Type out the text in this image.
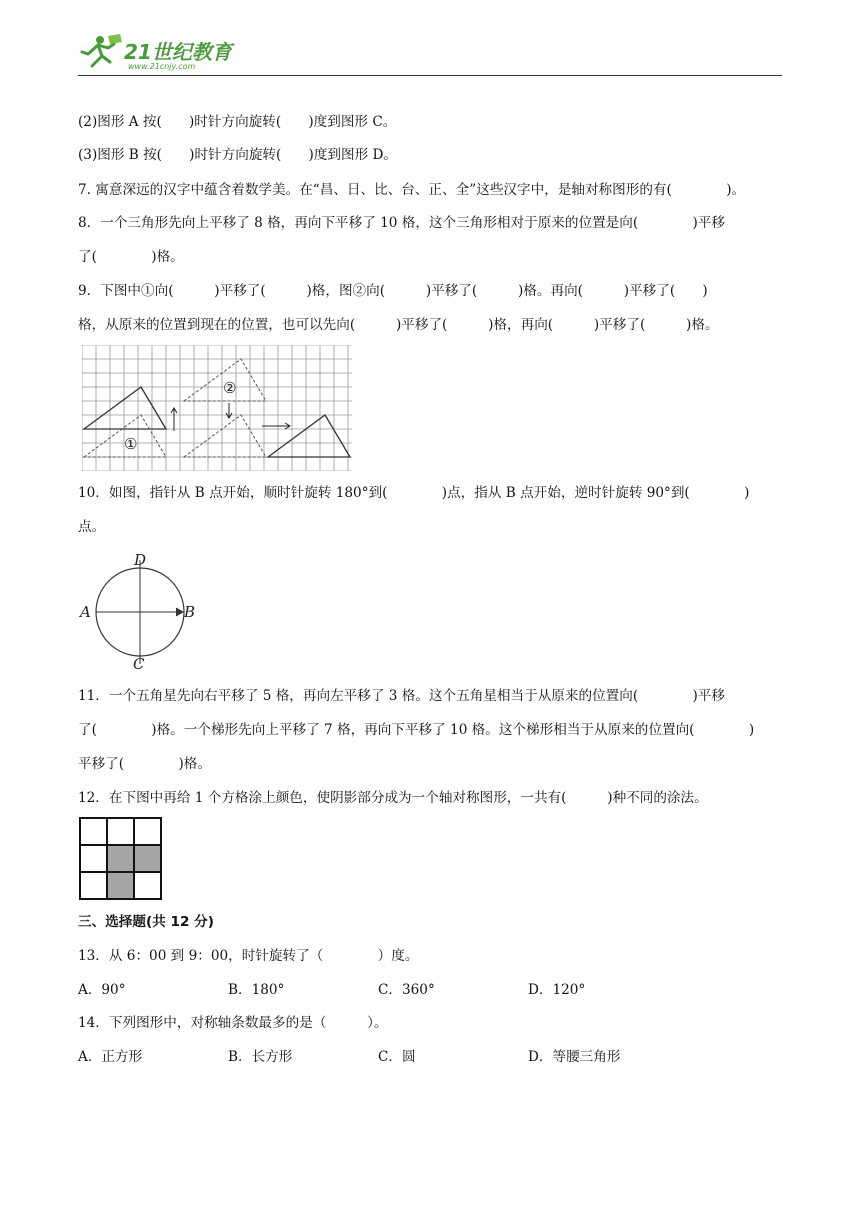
21世纪教育
www.21cnjy.com
(2)图形 A 按(　　)时针方向旋转(　　)度到图形 C。
(3)图形 B 按(　　)时针方向旋转(　　)度到图形 D。
7. 寓意深远的汉字中蕴含着数学美。在“昌、日、比、台、正、全”这些汉字中，是轴对称图形的有(　　　　)。
8．一个三角形先向上平移了 8 格，再向下平移了 10 格，这个三角形相对于原来的位置是向(　　　　)平移
了(　　　　)格。
9．下图中①向(　　　)平移了(　　　)格，图②向(　　　)平移了(　　　)格。再向(　　　)平移了(　　)
格，从原来的位置到现在的位置，也可以先向(　　　)平移了(　　　)格，再向(　　　)平移了(　　　)格。
①
②
10．如图，指针从 B 点开始，顺时针旋转 180°到(　　　　)点，指从 B 点开始，逆时针旋转 90°到(　　　　)
点。
D
A	B
C
11．一个五角星先向右平移了 5 格，再向左平移了 3 格。这个五角星相当于从原来的位置向(　　　　)平移
了(　　　　)格。一个梯形先向上平移了 7 格，再向下平移了 10 格。这个梯形相当于从原来的位置向(　　　　)
平移了(　　　　)格。
12．在下图中再给 1 个方格涂上颜色，使阴影部分成为一个轴对称图形，一共有(　　　)种不同的涂法。
三、选择题(共 12 分)
13．从 6：00 到 9：00，时针旋转了（　　　　）度。
A．90°	B．180°	C．360°	D．120°
14．下列图形中，对称轴条数最多的是（　　　）。
A．正方形	B．长方形	C．圆	D．等腰三角形
